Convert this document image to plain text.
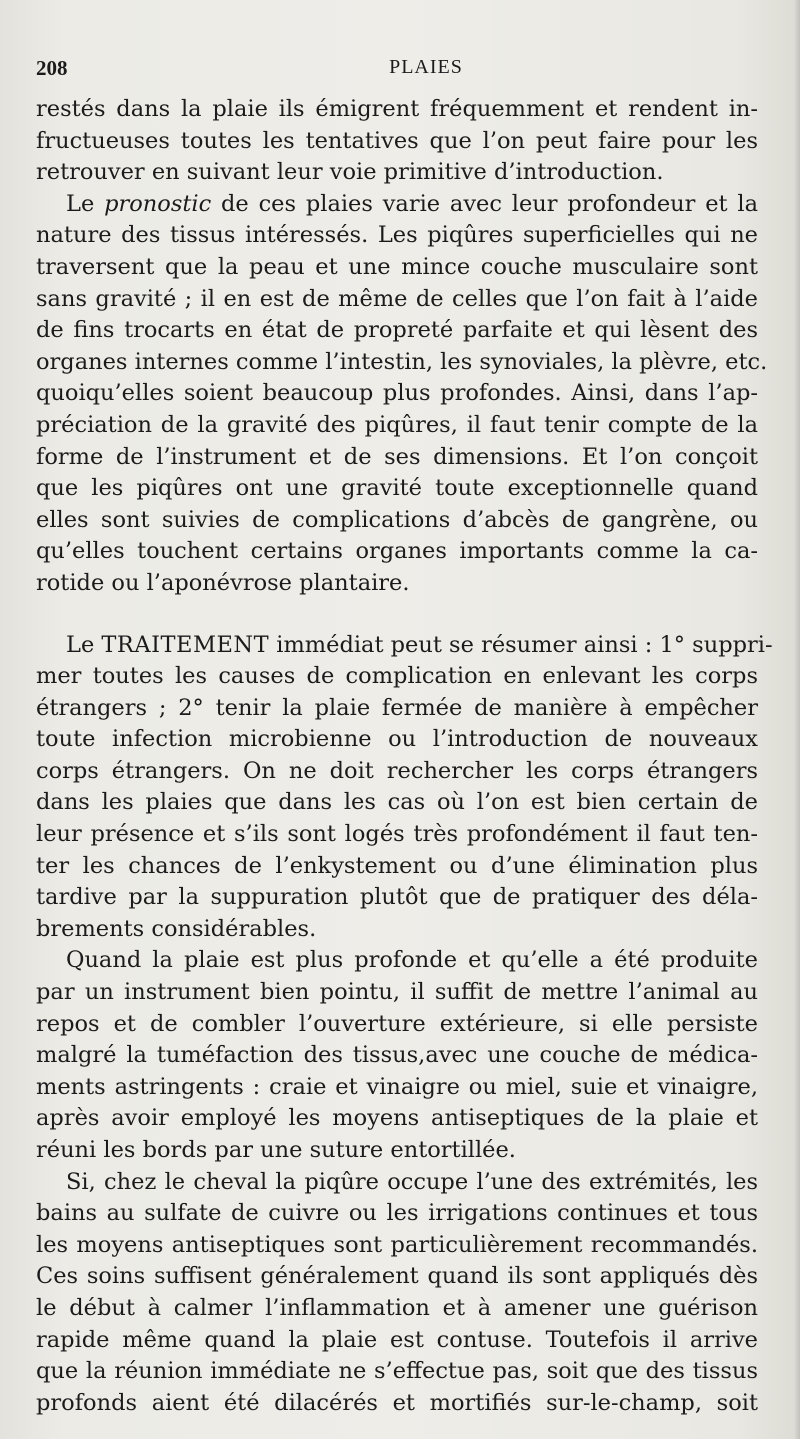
208	PLAIES
restés dans la plaie ils émigrent fréquemment et rendent in-
fructueuses toutes les tentatives que l’on peut faire pour les
retrouver en suivant leur voie primitive d’introduction.
Le pronostic de ces plaies varie avec leur profondeur et la
nature des tissus intéressés. Les piqûres superficielles qui ne
traversent que la peau et une mince couche musculaire sont
sans gravité ; il en est de même de celles que l’on fait à l’aide
de fins trocarts en état de propreté parfaite et qui lèsent des
organes internes comme l’intestin, les synoviales, la plèvre, etc.
quoiqu’elles soient beaucoup plus profondes. Ainsi, dans l’ap-
préciation de la gravité des piqûres, il faut tenir compte de la
forme de l’instrument et de ses dimensions. Et l’on conçoit
que les piqûres ont une gravité toute exceptionnelle quand
elles sont suivies de complications d’abcès de gangrène, ou
qu’elles touchent certains organes importants comme la ca-
rotide ou l’aponévrose plantaire.
Le TRAITEMENT immédiat peut se résumer ainsi : 1° suppri-
mer toutes les causes de complication en enlevant les corps
étrangers ; 2° tenir la plaie fermée de manière à empêcher
toute infection microbienne ou l’introduction de nouveaux
corps étrangers. On ne doit rechercher les corps étrangers
dans les plaies que dans les cas où l’on est bien certain de
leur présence et s’ils sont logés très profondément il faut ten-
ter les chances de l’enkystement ou d’une élimination plus
tardive par la suppuration plutôt que de pratiquer des déla-
brements considérables.
Quand la plaie est plus profonde et qu’elle a été produite
par un instrument bien pointu, il suffit de mettre l’animal au
repos et de combler l’ouverture extérieure, si elle persiste
malgré la tuméfaction des tissus,avec une couche de médica-
ments astringents : craie et vinaigre ou miel, suie et vinaigre,
après avoir employé les moyens antiseptiques de la plaie et
réuni les bords par une suture entortillée.
Si, chez le cheval la piqûre occupe l’une des extrémités, les
bains au sulfate de cuivre ou les irrigations continues et tous
les moyens antiseptiques sont particulièrement recommandés.
Ces soins suffisent généralement quand ils sont appliqués dès
le début à calmer l’inflammation et à amener une guérison
rapide même quand la plaie est contuse. Toutefois il arrive
que la réunion immédiate ne s’effectue pas, soit que des tissus
profonds aient été dilacérés et mortifiés sur-le-champ, soit
